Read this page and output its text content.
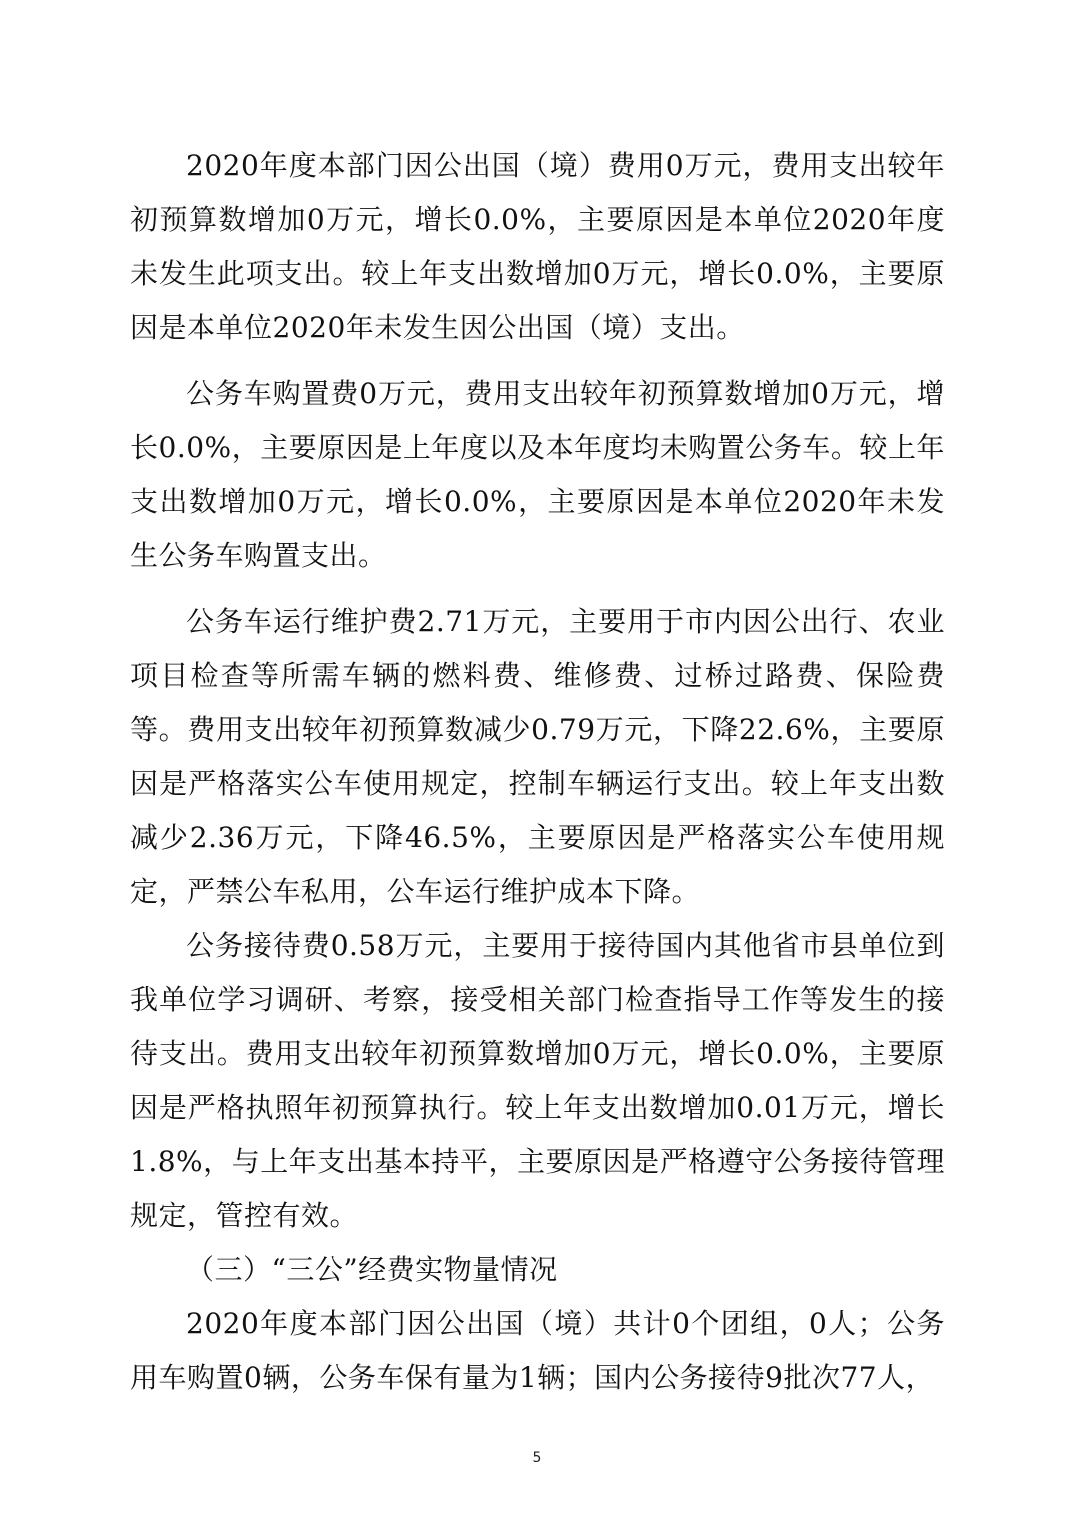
2020年度本部门因公出国（境）费用0万元，费用支出较年初预算数增加0万元，增长0.0%，主要原因是本单位2020年度未发生此项支出。较上年支出数增加0万元，增长0.0%，主要原因是本单位2020年未发生因公出国（境）支出。

公务车购置费0万元，费用支出较年初预算数增加0万元，增长0.0%，主要原因是上年度以及本年度均未购置公务车。较上年支出数增加0万元，增长0.0%，主要原因是本单位2020年未发生公务车购置支出。

公务车运行维护费2.71万元，主要用于市内因公出行、农业项目检查等所需车辆的燃料费、维修费、过桥过路费、保险费等。费用支出较年初预算数减少0.79万元，下降22.6%，主要原因是严格落实公车使用规定，控制车辆运行支出。较上年支出数减少2.36万元，下降46.5%，主要原因是严格落实公车使用规定，严禁公车私用，公车运行维护成本下降。

公务接待费0.58万元，主要用于接待国内其他省市县单位到我单位学习调研、考察，接受相关部门检查指导工作等发生的接待支出。费用支出较年初预算数增加0万元，增长0.0%，主要原因是严格执照年初预算执行。较上年支出数增加0.01万元，增长1.8%，与上年支出基本持平，主要原因是严格遵守公务接待管理规定，管控有效。

（三）“三公”经费实物量情况

2020年度本部门因公出国（境）共计0个团组，0人；公务用车购置0辆，公务车保有量为1辆；国内公务接待9批次77人，

5
